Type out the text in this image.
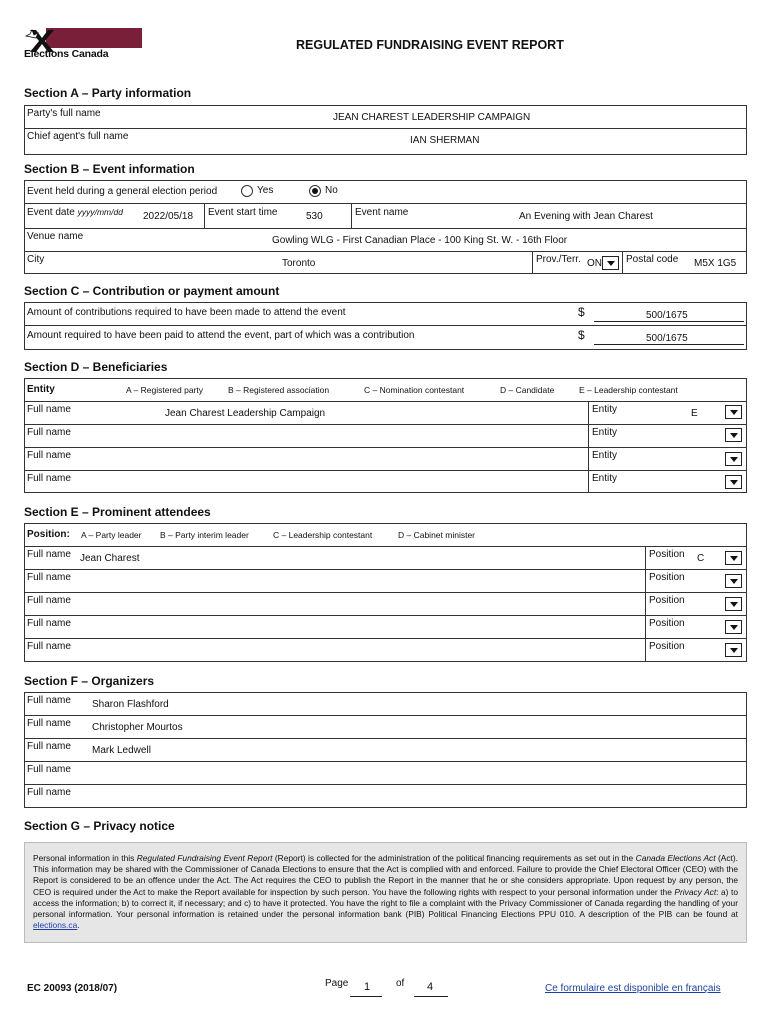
Elections Canada
REGULATED FUNDRAISING EVENT REPORT
Section A – Party information
Party's full name	JEAN CHAREST LEADERSHIP CAMPAIGN
Chief agent's full name	IAN SHERMAN
Section B – Event information
Event held during a general election period	Yes	No
Event date yyyy/mm/dd 2022/05/18 Event start time	530	Event name	An Evening with Jean Charest
Venue name	Gowling WLG - First Canadian Place - 100 King St. W. - 16th Floor
City	Toronto	Prov./Terr. ON Postal code M5X 1G5
Section C – Contribution or payment amount
Amount of contributions required to have been made to attend the event	$	500/1675
Amount required to have been paid to attend the event, part of which was a contribution	$	500/1675
Section D – Beneficiaries
Entity	A – Registered party	B – Registered association	C – Nomination contestant	D – Candidate	E – Leadership contestant
Full name	Jean Charest Leadership Campaign	Entity	E
Full name	Entity
Full name	Entity
Full name	Entity
Section E – Prominent attendees
Position: A – Party leader B – Party interim leader	C – Leadership contestant	D – Cabinet minister
Full name Jean Charest	Position C
Full name	Position
Full name	Position
Full name	Position
Full name	Position
Section F – Organizers
Full name Sharon Flashford
Full name Christopher Mourtos
Full name Mark Ledwell
Full name
Full name
Section G – Privacy notice
Personal information in this Regulated Fundraising Event Report (Report) is collected for the administration of the political financing requirements as set out in the Canada Elections Act (Act). This information may be shared with the Commissioner of Canada Elections to ensure that the Act is complied with and enforced. Failure to provide the Chief Electoral Officer (CEO) with the Report is considered to be an offence under the Act. The Act requires the CEO to publish the Report in the manner that he or she considers appropriate. Upon request by any person, the CEO is required under the Act to make the Report available for inspection by such person. You have the following rights with respect to your personal information under the Privacy Act: a) to access the information; b) to correct it, if necessary; and c) to have it protected. You have the right to file a complaint with the Privacy Commissioner of Canada regarding the handling of your personal information. Your personal information is retained under the personal information bank (PIB) Political Financing Elections PPU 010. A description of the PIB can be found at elections.ca.
EC 20093 (2018/07)	Page 1	of 4	Ce formulaire est disponible en français
